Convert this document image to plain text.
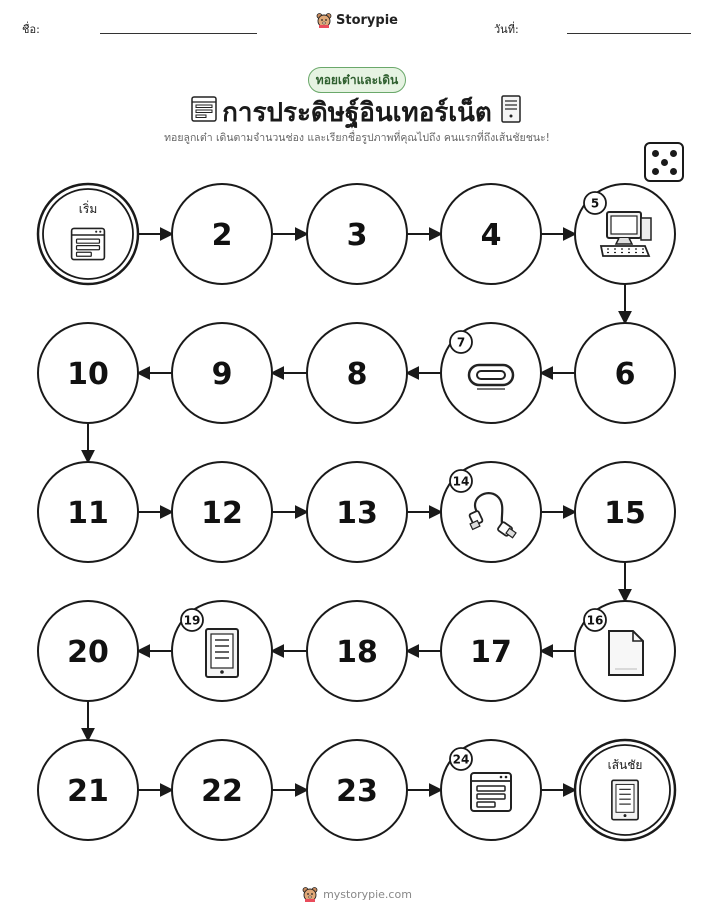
ชื่อ:
Storypie
วันที่:
ทอยเต๋าและเดิน
การประดิษฐ์อินเทอร์เน็ต
ทอยลูกเต๋า เดินตามจำนวนช่อง และเรียกชื่อรูปภาพที่คุณไปถึง คนแรกที่ถึงเส้นชัยชนะ!
เริ่ม
2	3	4
5
6
7
8
9
10
11	12	13
14
15
16
17
18
19
20
21	22	23
24	เส้นชัย
mystorypie.com
